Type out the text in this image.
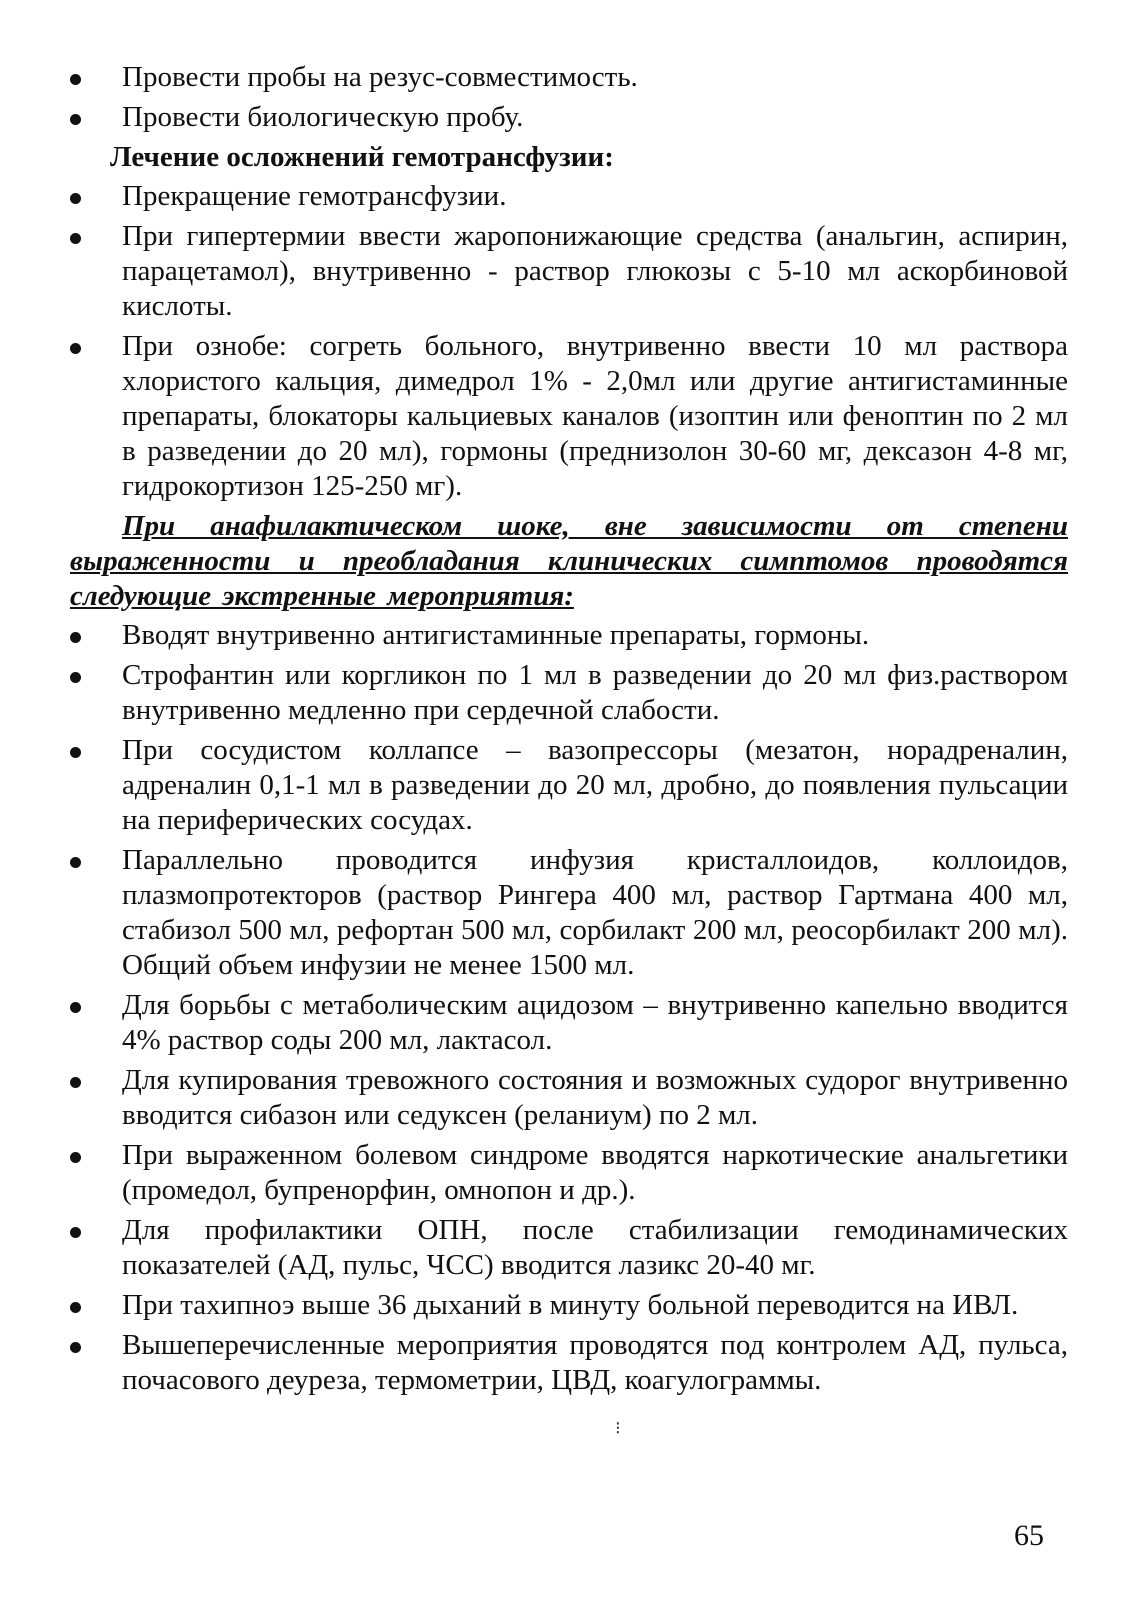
Провести пробы на резус-совместимость.
Провести биологическую пробу.
Лечение осложнений гемотрансфузии:
Прекращение гемотрансфузии.
При гипертермии ввести жаропонижающие средства (анальгин, аспирин, парацетамол), внутривенно - раствор глюкозы с 5-10 мл аскорбиновой кислоты.
При ознобе: согреть больного, внутривенно ввести 10 мл раствора хлористого кальция, димедрол 1% - 2,0мл или другие антигистаминные препараты, блокаторы кальциевых каналов (изоптин или феноптин по 2 мл в разведении до 20 мл), гормоны (преднизолон 30-60 мг, дексазон 4-8 мг, гидрокортизон 125-250 мг).
При анафилактическом шоке, вне зависимости от степени выраженности и преобладания клинических симптомов проводятся следующие экстренные мероприятия:
Вводят внутривенно антигистаминные препараты, гормоны.
Строфантин или коргликон по 1 мл в разведении до 20 мл физ.раствором внутривенно медленно при сердечной слабости.
При сосудистом коллапсе – вазопрессоры (мезатон, норадреналин, адреналин 0,1-1 мл в разведении до 20 мл, дробно, до появления пульсации на периферических сосудах.
Параллельно проводится инфузия кристаллоидов, коллоидов, плазмопротекторов (раствор Рингера 400 мл, раствор Гартмана 400 мл, стабизол 500 мл, рефортан 500 мл, сорбилакт 200 мл, реосорбилакт 200 мл). Общий объем инфузии не менее 1500 мл.
Для борьбы с метаболическим ацидозом – внутривенно капельно вводится 4% раствор соды 200 мл, лактасол.
Для купирования тревожного состояния и возможных судорог внутривенно вводится сибазон или седуксен (реланиум) по 2 мл.
При выраженном болевом синдроме вводятся наркотические анальгетики (промедол, бупренорфин, омнопон и др.).
Для профилактики ОПН, после стабилизации гемодинамических показателей (АД, пульс, ЧСС) вводится лазикс 20-40 мг.
При тахипноэ выше 36 дыханий в минуту больной переводится на ИВЛ.
Вышеперечисленные мероприятия проводятся под контролем АД, пульса, почасового деуреза, термометрии, ЦВД, коагулограммы.
⁝
65
